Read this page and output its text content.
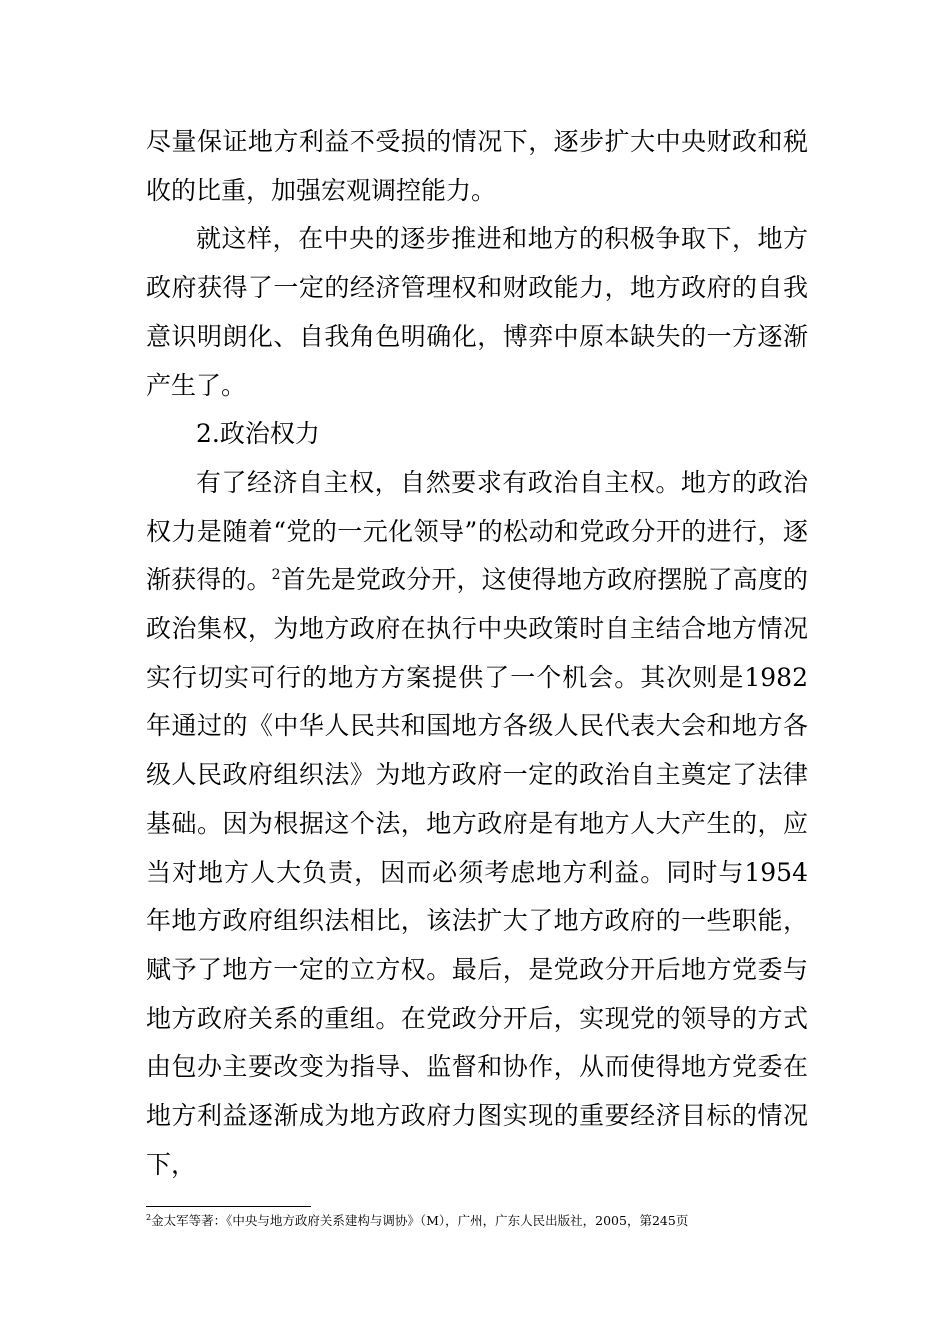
尽量保证地方利益不受损的情况下，逐步扩大中央财政和税收的比重，加强宏观调控能力。

就这样，在中央的逐步推进和地方的积极争取下，地方政府获得了一定的经济管理权和财政能力，地方政府的自我意识明朗化、自我角色明确化，博弈中原本缺失的一方逐渐产生了。

2.政治权力

有了经济自主权，自然要求有政治自主权。地方的政治权力是随着“党的一元化领导”的松动和党政分开的进行，逐渐获得的。$^2$首先是党政分开，这使得地方政府摆脱了高度的政治集权，为地方政府在执行中央政策时自主结合地方情况实行切实可行的地方方案提供了一个机会。其次则是1982年通过的《中华人民共和国地方各级人民代表大会和地方各级人民政府组织法》为地方政府一定的政治自主奠定了法律基础。因为根据这个法，地方政府是有地方人大产生的，应当对地方人大负责，因而必须考虑地方利益。同时与1954年地方政府组织法相比，该法扩大了地方政府的一些职能，赋予了地方一定的立方权。最后，是党政分开后地方党委与地方政府关系的重组。在党政分开后，实现党的领导的方式由包办主要改变为指导、监督和协作，从而使得地方党委在地方利益逐渐成为地方政府力图实现的重要经济目标的情况下，

$^2$金太军等著：《中央与地方政府关系建构与调协》（M），广州，广东人民出版社，2005，第245页
